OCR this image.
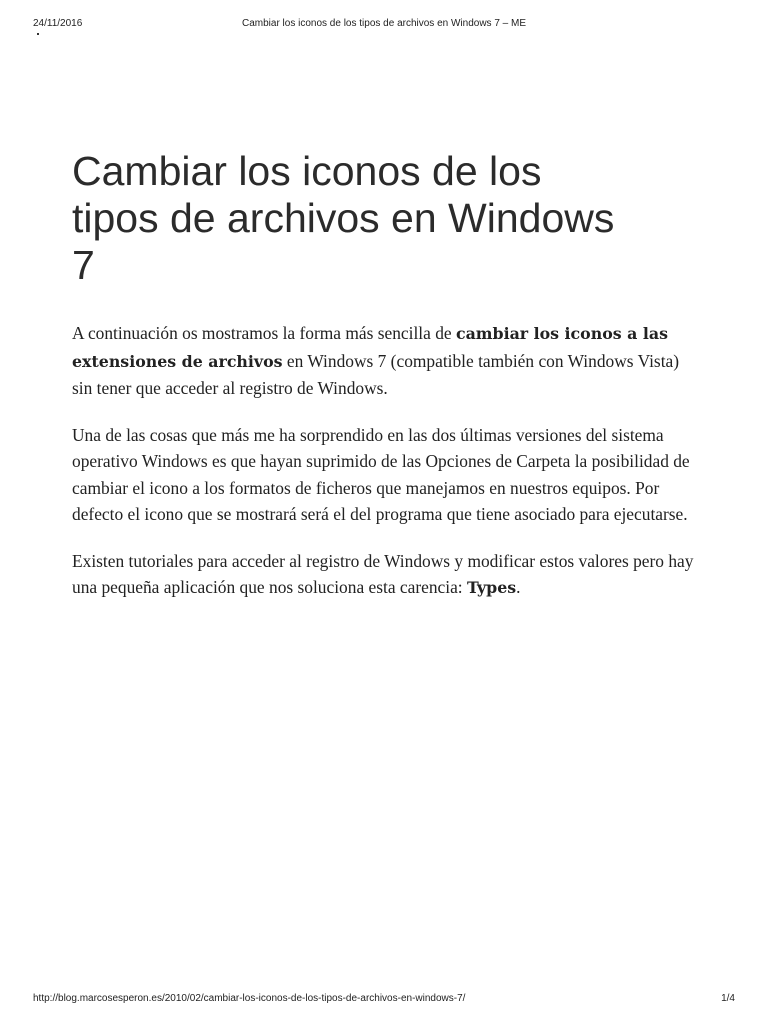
24/11/2016	Cambiar los iconos de los tipos de archivos en Windows 7 – ME
Cambiar los iconos de los tipos de archivos en Windows 7

A continuación os mostramos la forma más sencilla de cambiar los iconos a las extensiones de archivos en Windows 7 (compatible también con Windows Vista) sin tener que acceder al registro de Windows.

Una de las cosas que más me ha sorprendido en las dos últimas versiones del sistema operativo Windows es que hayan suprimido de las Opciones de Carpeta la posibilidad de cambiar el icono a los formatos de ficheros que manejamos en nuestros equipos. Por defecto el icono que se mostrará será el del programa que tiene asociado para ejecutarse.

Existen tutoriales para acceder al registro de Windows y modificar estos valores pero hay una pequeña aplicación que nos soluciona esta carencia: Types.

http://blog.marcosesperon.es/2010/02/cambiar-los-iconos-de-los-tipos-de-archivos-en-windows-7/	1/4
